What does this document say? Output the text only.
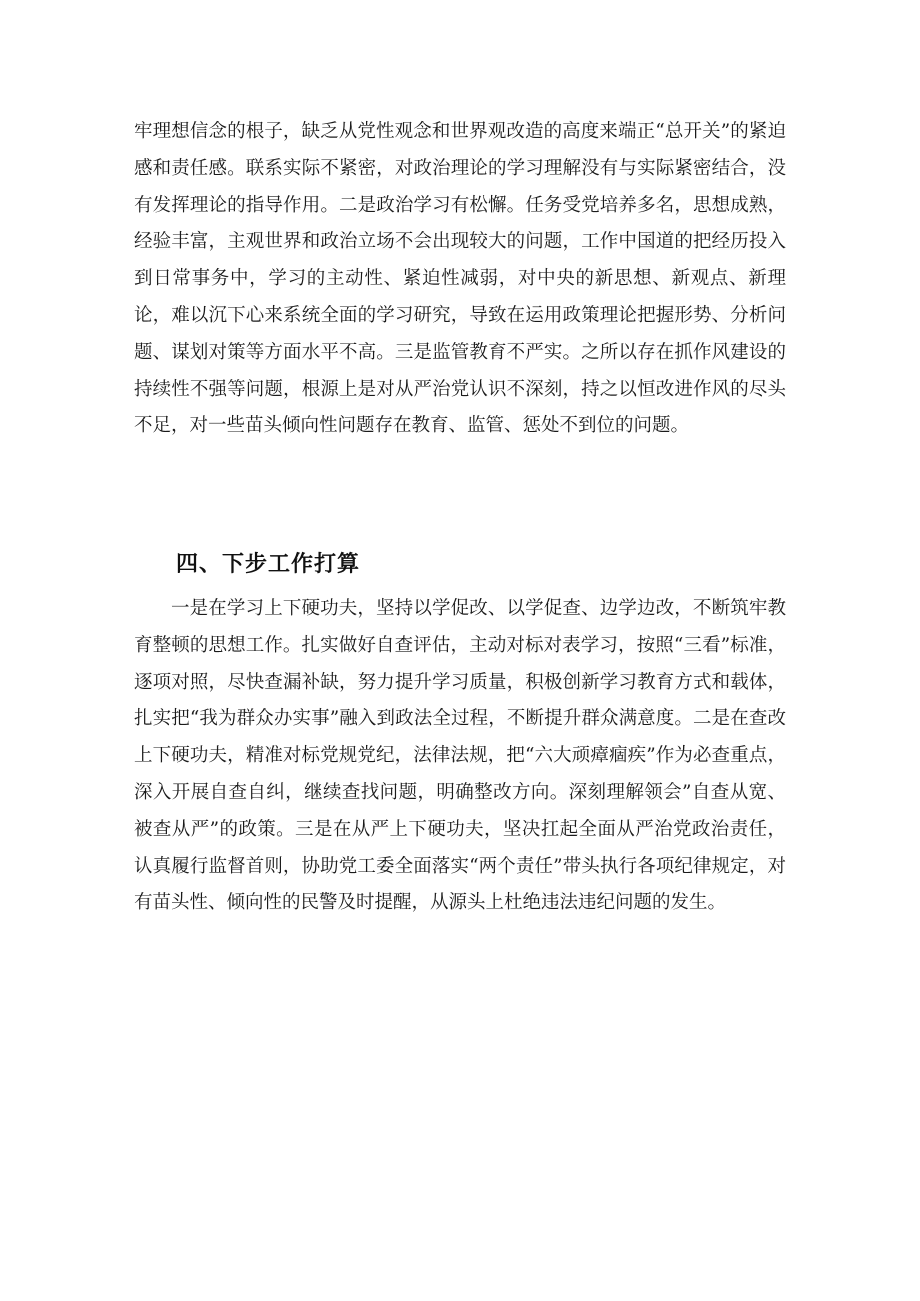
牢理想信念的根子，缺乏从党性观念和世界观改造的高度来端正“总开关”的紧迫感和责任感。联系实际不紧密，对政治理论的学习理解没有与实际紧密结合，没有发挥理论的指导作用。二是政治学习有松懈。任务受党培养多名，思想成熟，经验丰富，主观世界和政治立场不会出现较大的问题，工作中国道的把经历投入到日常事务中，学习的主动性、紧迫性减弱，对中央的新思想、新观点、新理论，难以沉下心来系统全面的学习研究，导致在运用政策理论把握形势、分析问题、谋划对策等方面水平不高。三是监管教育不严实。之所以存在抓作风建设的持续性不强等问题，根源上是对从严治党认识不深刻，持之以恒改进作风的尽头不足，对一些苗头倾向性问题存在教育、监管、惩处不到位的问题。

四、下步工作打算

一是在学习上下硬功夫，坚持以学促改、以学促查、边学边改，不断筑牢教育整顿的思想工作。扎实做好自查评估，主动对标对表学习，按照“三看”标准，逐项对照，尽快查漏补缺，努力提升学习质量，积极创新学习教育方式和载体，扎实把“我为群众办实事”融入到政法全过程，不断提升群众满意度。二是在查改上下硬功夫，精准对标党规党纪，法律法规，把“六大顽瘴痼疾”作为必查重点，深入开展自查自纠，继续查找问题，明确整改方向。深刻理解领会”自查从宽、被查从严”的政策。三是在从严上下硬功夫，坚决扛起全面从严治党政治责任，认真履行监督首则，协助党工委全面落实“两个责任”带头执行各项纪律规定，对有苗头性、倾向性的民警及时提醒，从源头上杜绝违法违纪问题的发生。
